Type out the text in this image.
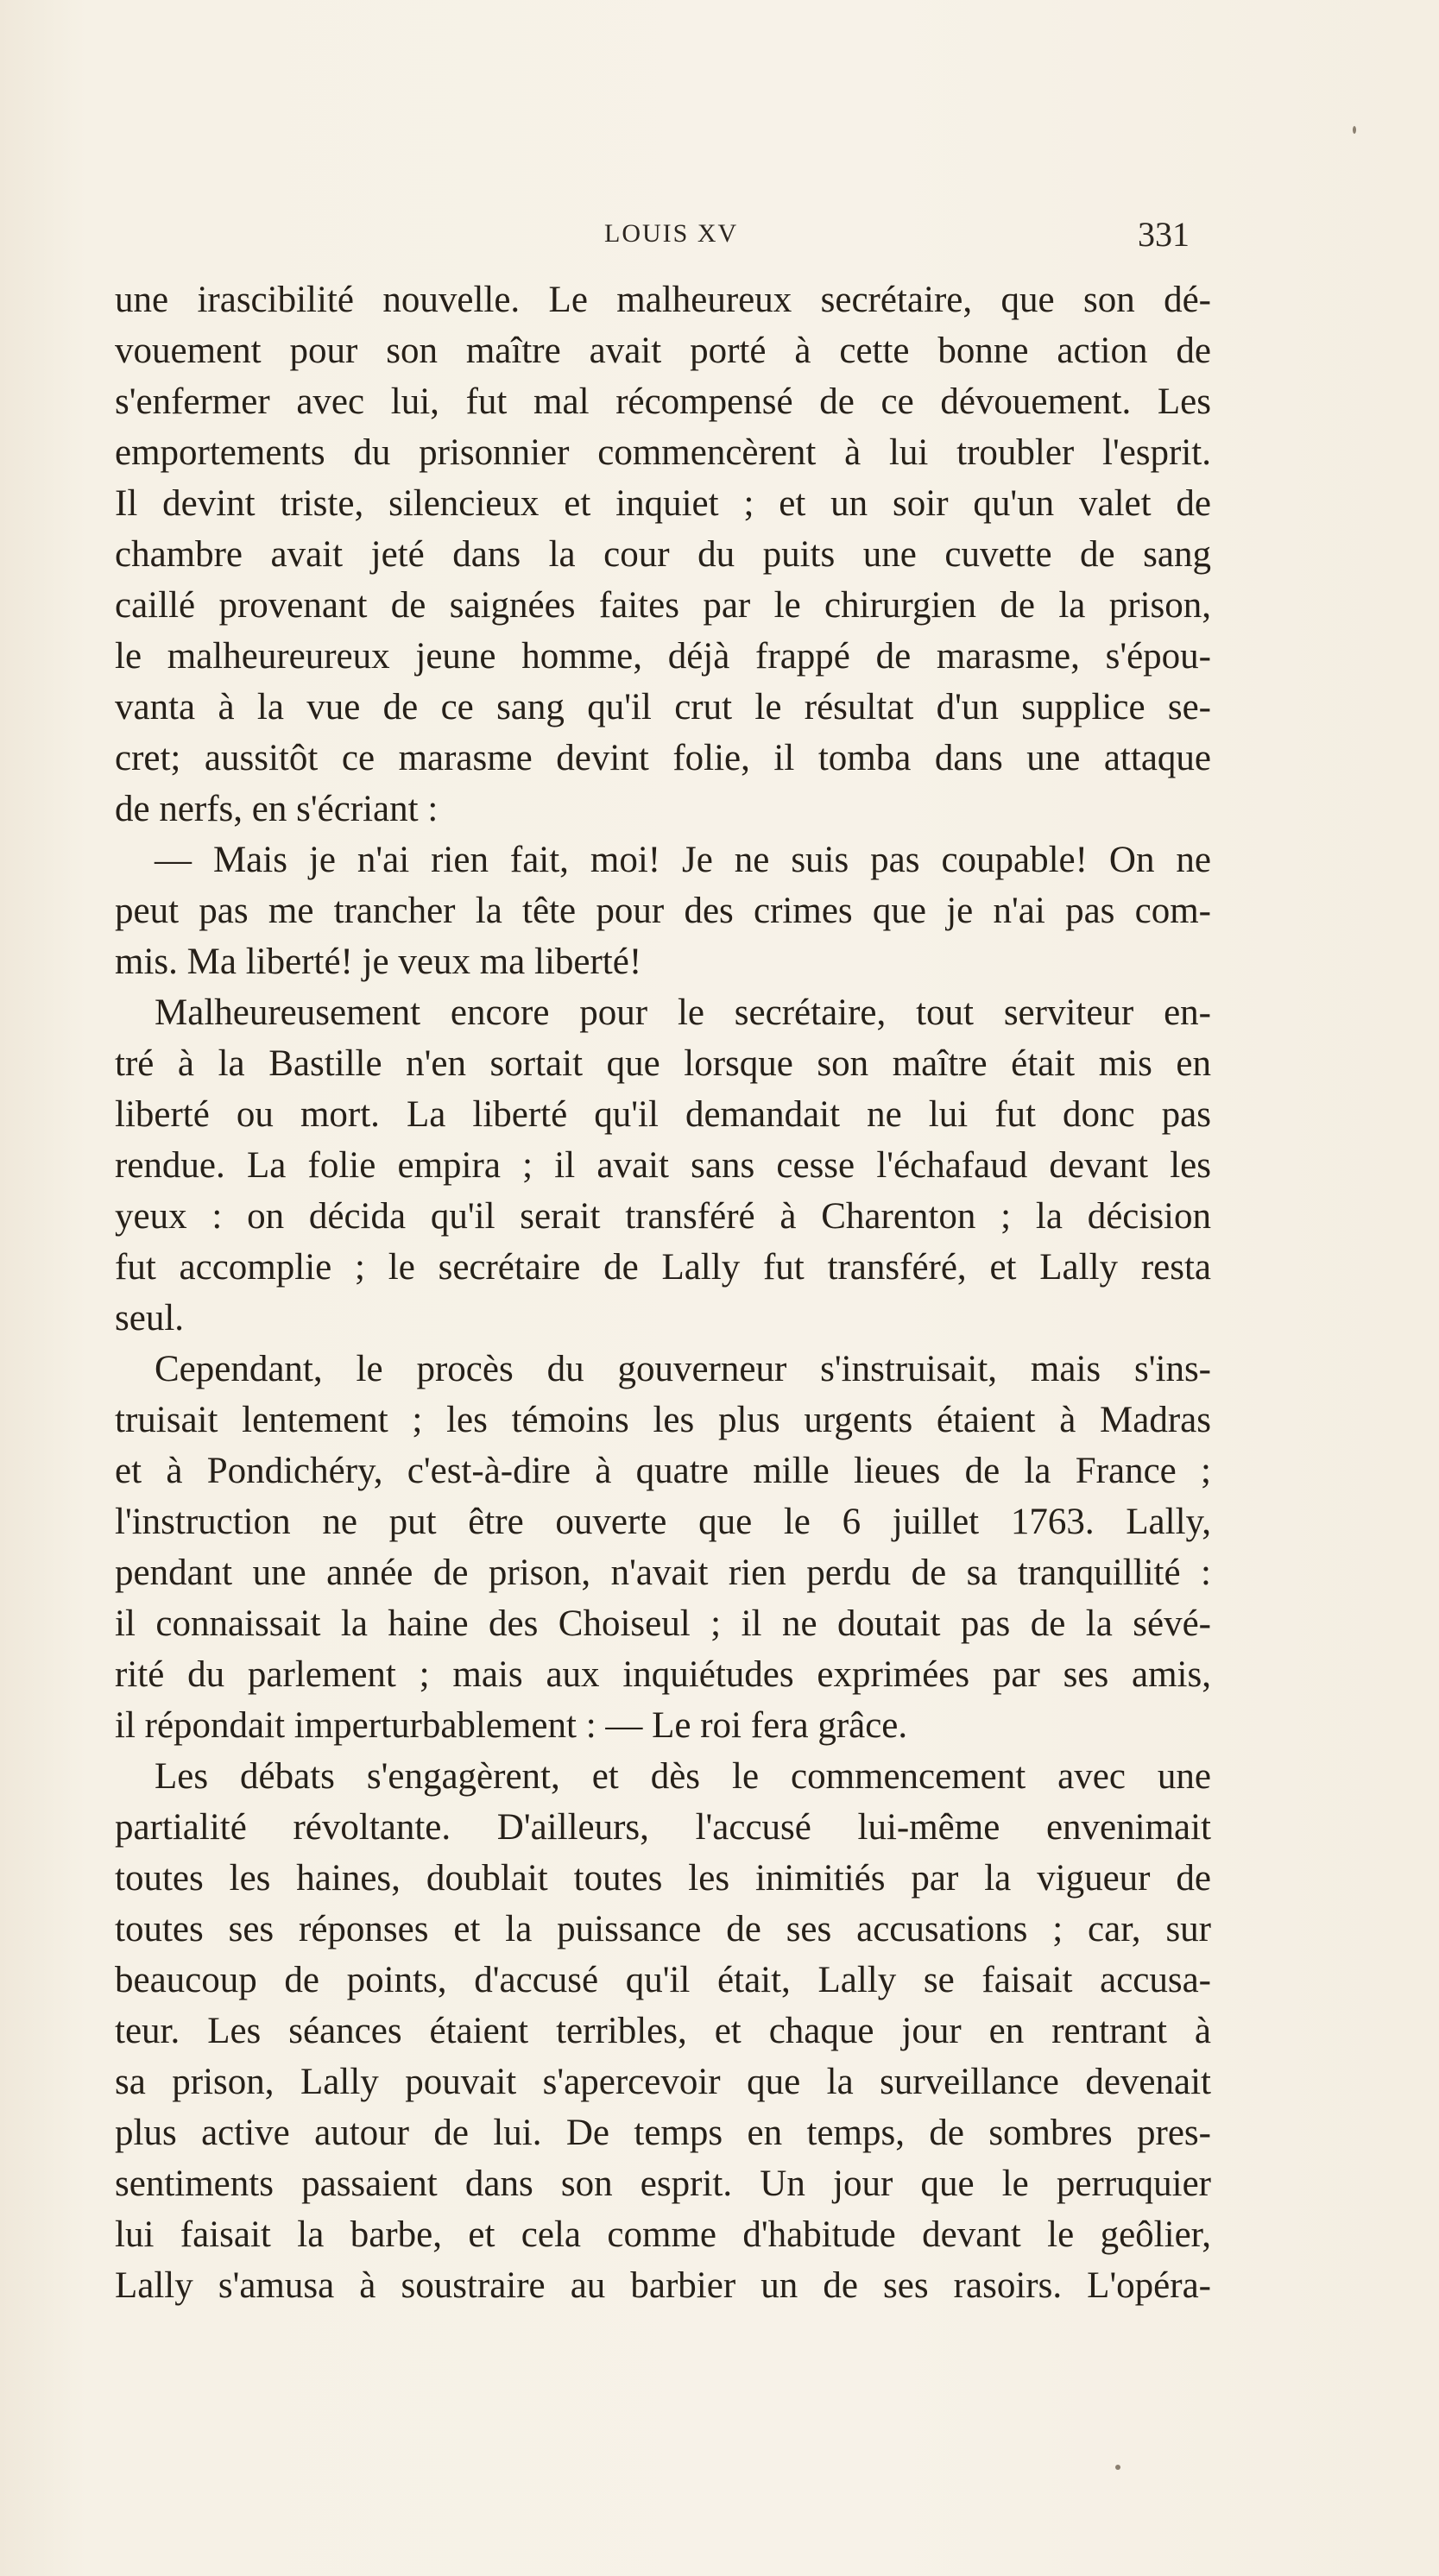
LOUIS XV	331
une irascibilité nouvelle. Le malheureux secrétaire, que son dé-
vouement pour son maître avait porté à cette bonne action de
s'enfermer avec lui, fut mal récompensé de ce dévouement. Les
emportements du prisonnier commencèrent à lui troubler l'esprit.
Il devint triste, silencieux et inquiet ; et un soir qu'un valet de
chambre avait jeté dans la cour du puits une cuvette de sang
caillé provenant de saignées faites par le chirurgien de la prison,
le malheureureux jeune homme, déjà frappé de marasme, s'épou-
vanta à la vue de ce sang qu'il crut le résultat d'un supplice se-
cret; aussitôt ce marasme devint folie, il tomba dans une attaque
de nerfs, en s'écriant :
— Mais je n'ai rien fait, moi! Je ne suis pas coupable! On ne
peut pas me trancher la tête pour des crimes que je n'ai pas com-
mis. Ma liberté! je veux ma liberté!
Malheureusement encore pour le secrétaire, tout serviteur en-
tré à la Bastille n'en sortait que lorsque son maître était mis en
liberté ou mort. La liberté qu'il demandait ne lui fut donc pas
rendue. La folie empira ; il avait sans cesse l'échafaud devant les
yeux : on décida qu'il serait transféré à Charenton ; la décision
fut accomplie ; le secrétaire de Lally fut transféré, et Lally resta
seul.
Cependant, le procès du gouverneur s'instruisait, mais s'ins-
truisait lentement ; les témoins les plus urgents étaient à Madras
et à Pondichéry, c'est-à-dire à quatre mille lieues de la France ;
l'instruction ne put être ouverte que le 6 juillet 1763. Lally,
pendant une année de prison, n'avait rien perdu de sa tranquillité :
il connaissait la haine des Choiseul ; il ne doutait pas de la sévé-
rité du parlement ; mais aux inquiétudes exprimées par ses amis,
il répondait imperturbablement : — Le roi fera grâce.
Les débats s'engagèrent, et dès le commencement avec une
partialité révoltante. D'ailleurs, l'accusé lui-même envenimait
toutes les haines, doublait toutes les inimitiés par la vigueur de
toutes ses réponses et la puissance de ses accusations ; car, sur
beaucoup de points, d'accusé qu'il était, Lally se faisait accusa-
teur. Les séances étaient terribles, et chaque jour en rentrant à
sa prison, Lally pouvait s'apercevoir que la surveillance devenait
plus active autour de lui. De temps en temps, de sombres pres-
sentiments passaient dans son esprit. Un jour que le perruquier
lui faisait la barbe, et cela comme d'habitude devant le geôlier,
Lally s'amusa à soustraire au barbier un de ses rasoirs. L'opéra-
